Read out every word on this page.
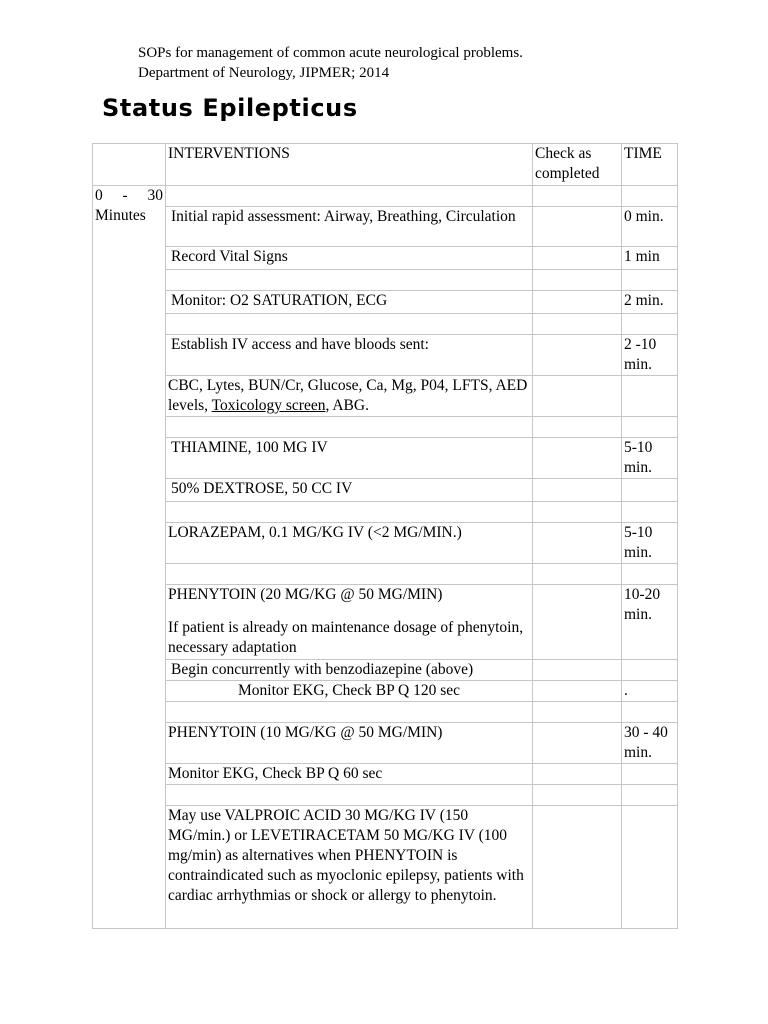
SOPs for management of common acute neurological problems.
Department of Neurology, JIPMER; 2014
Status Epilepticus
	INTERVENTIONS	Check as completed	TIME

0 - 30
Minutes			

	Initial rapid assessment: Airway, Breathing, Circulation		0 min.
	Record Vital Signs		1 min

	Monitor: O2 SATURATION, ECG		2 min.

	Establish IV access and have bloods sent:		2 -10 min.
	CBC, Lytes, BUN/Cr, Glucose, Ca, Mg, P04, LFTS, AED levels, Toxicology screen, ABG.		

	THIAMINE, 100 MG IV		5-10 min.
	50% DEXTROSE, 50 CC IV		

	LORAZEPAM, 0.1 MG/KG IV (<2 MG/MIN.)		5-10 min.

	PHENYTOIN (20 MG/KG @ 50 MG/MIN)
If patient is already on maintenance dosage of phenytoin, necessary adaptation		10-20 min.
	Begin concurrently with benzodiazepine (above)		
	Monitor EKG, Check BP Q 120 sec		.

	PHENYTOIN (10 MG/KG @ 50 MG/MIN)		30 - 40 min.
	Monitor EKG, Check BP Q 60 sec		

	May use VALPROIC ACID 30 MG/KG IV (150 MG/min.) or LEVETIRACETAM 50 MG/KG IV (100 mg/min) as alternatives when PHENYTOIN is contraindicated such as myoclonic epilepsy, patients with cardiac arrhythmias or shock or allergy to phenytoin.		
